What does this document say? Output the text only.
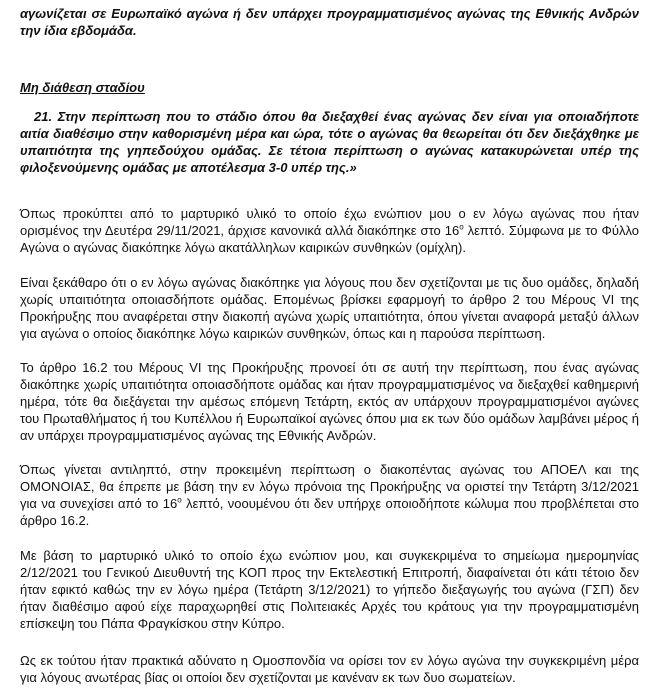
αγωνίζεται σε Ευρωπαϊκό αγώνα ή δεν υπάρχει προγραμματισμένος αγώνας της Εθνικής Ανδρών την ίδια εβδομάδα.

Μη διάθεση σταδίου

21. Στην περίπτωση που το στάδιο όπου θα διεξαχθεί ένας αγώνας δεν είναι για οποιαδήποτε αιτία διαθέσιμο στην καθορισμένη μέρα και ώρα, τότε ο αγώνας θα θεωρείται ότι δεν διεξάχθηκε με υπαιτιότητα της γηπεδούχου ομάδας. Σε τέτοια περίπτωση ο αγώνας κατακυρώνεται υπέρ της φιλοξενούμενης ομάδας με αποτέλεσμα 3-0 υπέρ της.»

Όπως προκύπτει από το μαρτυρικό υλικό το οποίο έχω ενώπιον μου ο εν λόγω αγώνας που ήταν ορισμένος την Δευτέρα 29/11/2021, άρχισε κανονικά αλλά διακόπηκε στο $16^o$ λεπτό. Σύμφωνα με το Φύλλο Αγώνα ο αγώνας διακόπηκε λόγω ακατάλληλων καιρικών συνθηκών (ομίχλη).

Είναι ξεκάθαρο ότι ο εν λόγω αγώνας διακόπηκε για λόγους που δεν σχετίζονται με τις δυο ομάδες, δηλαδή χωρίς υπαιτιότητα οποιασδήποτε ομάδας. Επομένως βρίσκει εφαρμογή το άρθρο 2 του Μέρους VI της Προκήρυξης που αναφέρεται στην διακοπή αγώνα χωρίς υπαιτιότητα, όπου γίνεται αναφορά μεταξύ άλλων για αγώνα ο οποίος διακόπηκε λόγω καιρικών συνθηκών, όπως και η παρούσα περίπτωση.

Το άρθρο 16.2 του Μέρους VI της Προκήρυξης προνοεί ότι σε αυτή την περίπτωση, που ένας αγώνας διακόπηκε χωρίς υπαιτιότητα οποιασδήποτε ομάδας και ήταν προγραμματισμένος να διεξαχθεί καθημερινή ημέρα, τότε θα διεξάγεται την αμέσως επόμενη Τετάρτη, εκτός αν υπάρχουν προγραμματισμένοι αγώνες του Πρωταθλήματος ή του Κυπέλλου ή Ευρωπαϊκοί αγώνες όπου μια εκ των δύο ομάδων λαμβάνει μέρος ή αν υπάρχει προγραμματισμένος αγώνας της Εθνικής Ανδρών.

Όπως γίνεται αντιληπτό, στην προκειμένη περίπτωση ο διακοπέντας αγώνας του ΑΠΟΕΛ και της ΟΜΟΝΟΙΑΣ, θα έπρεπε με βάση την εν λόγω πρόνοια της Προκήρυξης να οριστεί την Τετάρτη 3/12/2021 για να συνεχίσει από το $16^o$ λεπτό, νοουμένου ότι δεν υπήρχε οποιοδήποτε κώλυμα που προβλέπεται στο άρθρο 16.2.

Με βάση το μαρτυρικό υλικό το οποίο έχω ενώπιον μου, και συγκεκριμένα το σημείωμα ημερομηνίας 2/12/2021 του Γενικού Διευθυντή της ΚΟΠ προς την Εκτελεστική Επιτροπή, διαφαίνεται ότι κάτι τέτοιο δεν ήταν εφικτό καθώς την εν λόγω ημέρα (Τετάρτη 3/12/2021) το γήπεδο διεξαγωγής του αγώνα (ΓΣΠ) δεν ήταν διαθέσιμο αφού είχε παραχωρηθεί στις Πολιτειακές Αρχές του κράτους για την προγραμματισμένη επίσκεψη του Πάπα Φραγκίσκου στην Κύπρο.

Ως εκ τούτου ήταν πρακτικά αδύνατο η Ομοσπονδία να ορίσει τον εν λόγω αγώνα την συγκεκριμένη μέρα για λόγους ανωτέρας βίας οι οποίοι δεν σχετίζονται με κανέναν εκ των δυο σωματείων.
